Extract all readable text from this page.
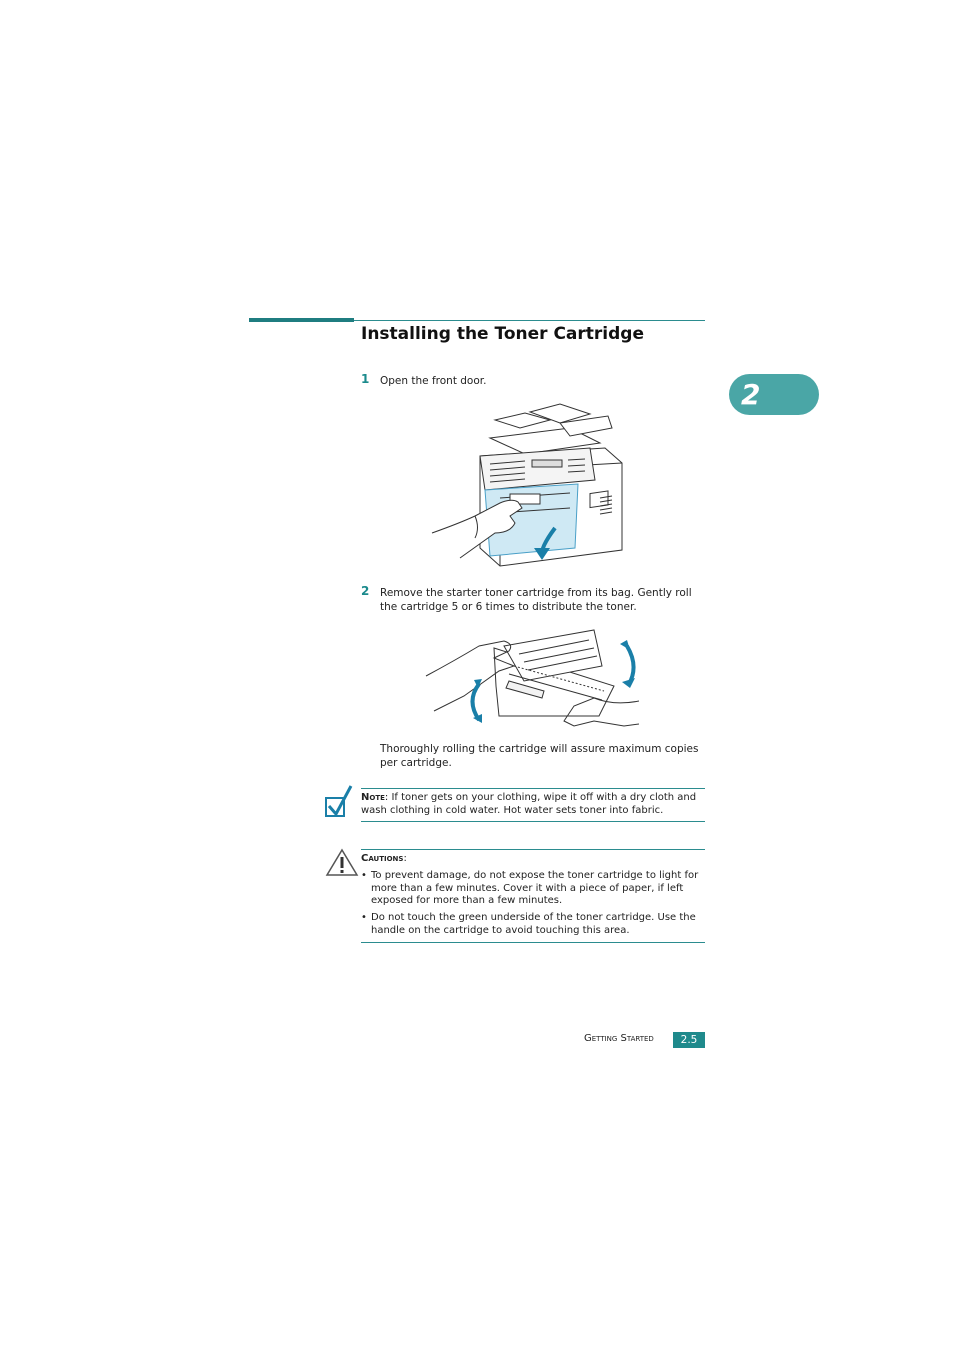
Installing the Toner Cartridge
2
1 Open the front door.
2 Remove the starter toner cartridge from its bag. Gently roll the cartridge 5 or 6 times to distribute the toner.
Thoroughly rolling the cartridge will assure maximum copies per cartridge.
Note: If toner gets on your clothing, wipe it off with a dry cloth and wash clothing in cold water. Hot water sets toner into fabric.
Cautions:
• To prevent damage, do not expose the toner cartridge to light for more than a few minutes. Cover it with a piece of paper, if left exposed for more than a few minutes.
• Do not touch the green underside of the toner cartridge. Use the handle on the cartridge to avoid touching this area.
Getting Started	2.5
